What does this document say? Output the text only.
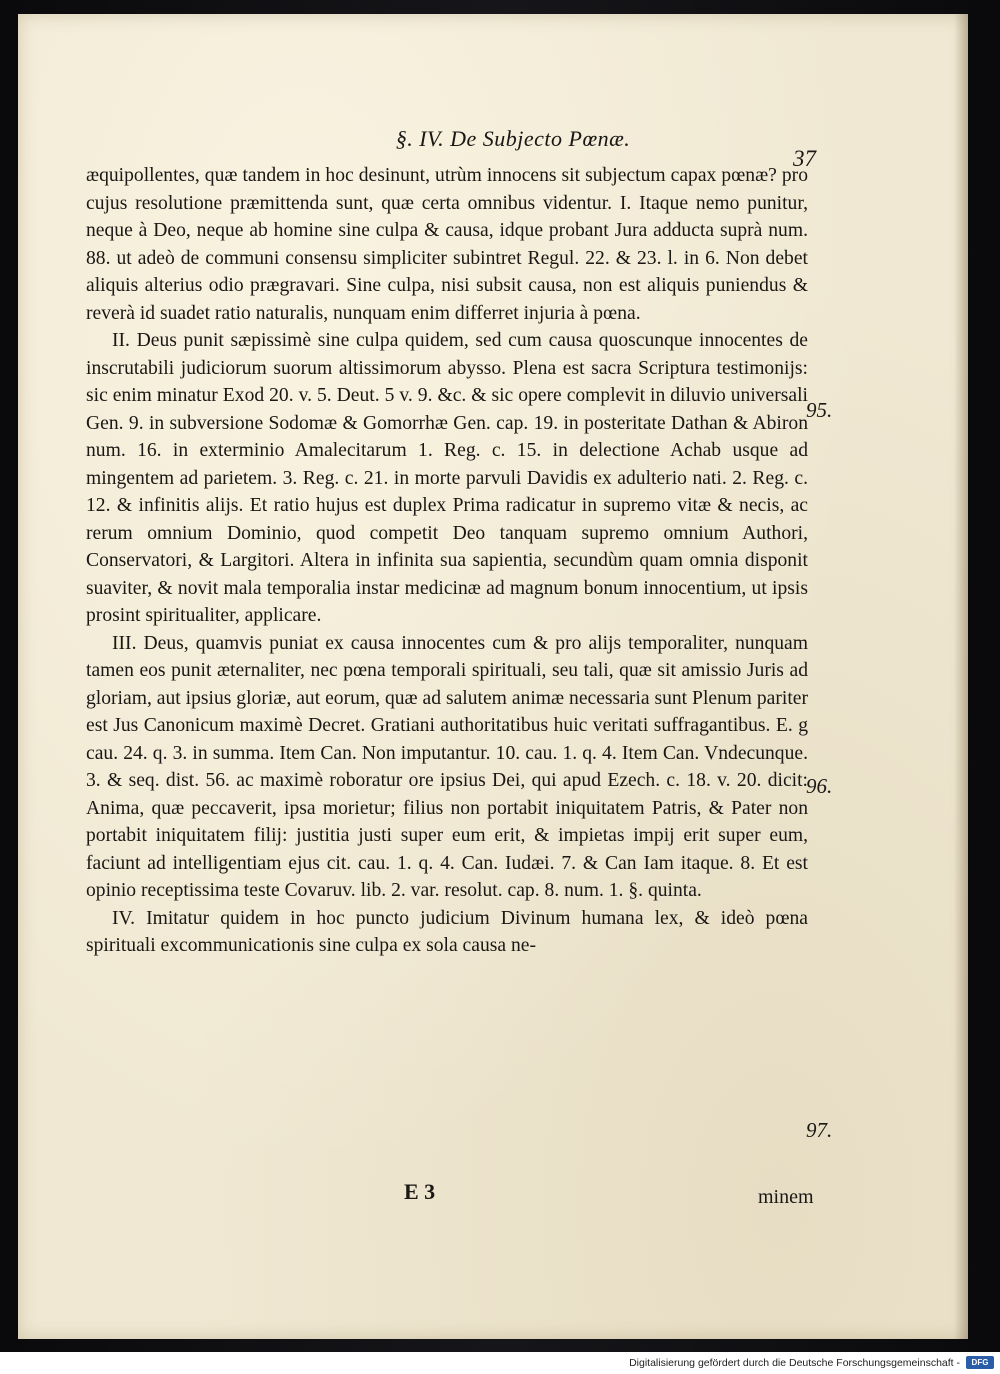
§. IV. De Subjecto Pœnæ.
37

æquipollentes, quæ tandem in hoc desinunt, utrùm innocens sit subjectum capax pœnæ? pro cujus resolutione præmittenda sunt, quæ certa omnibus videntur. I. Itaque nemo punitur, neque à Deo, neque ab homine sine culpa & causa, idque probant Jura adducta suprà num. 88. ut adeò de communi consensu simpliciter subintret Regul. 22. & 23. l. in 6. Non debet aliquis alterius odio prægravari. Sine culpa, nisi subsit causa, non est aliquis puniendus & reverà id suadet ratio naturalis, nunquam enim differret injuria à pœna.

II. Deus punit sæpissimè sine culpa quidem, sed cum causa quoscunque innocentes de inscrutabili judiciorum suorum altissimorum abysso. Plena est sacra Scriptura testimonijs: sic enim minatur Exod 20. v. 5. Deut. 5 v. 9. &c. & sic opere complevit in diluvio universali Gen. 9. in subversione Sodomæ & Gomorrhæ Gen. cap. 19. in posteritate Dathan & Abiron num. 16. in exterminio Amalecitarum 1. Reg. c. 15. in delectione Achab usque ad mingentem ad parietem. 3. Reg. c. 21. in morte parvuli Davidis ex adulterio nati. 2. Reg. c. 12. & infinitis alijs. Et ratio hujus est duplex Prima radicatur in supremo vitæ & necis, ac rerum omnium Dominio, quod competit Deo tanquam supremo omnium Authori, Conservatori, & Largitori. Altera in infinita sua sapientia, secundùm quam omnia disponit suaviter, & novit mala temporalia instar medicinæ ad magnum bonum innocentium, ut ipsis prosint spiritualiter, applicare.

III. Deus, quamvis puniat ex causa innocentes cum & pro alijs temporaliter, nunquam tamen eos punit æternaliter, nec pœna temporali spirituali, seu tali, quæ sit amissio Juris ad gloriam, aut ipsius gloriæ, aut eorum, quæ ad salutem animæ necessaria sunt Plenum pariter est Jus Canonicum maximè Decret. Gratiani authoritatibus huic veritati suffragantibus. E. g cau. 24. q. 3. in summa. Item Can. Non imputantur. 10. cau. 1. q. 4. Item Can. Vndecunque. 3. & seq. dist. 56. ac maximè roboratur ore ipsius Dei, qui apud Ezech. c. 18. v. 20. dicit: Anima, quæ peccaverit, ipsa morietur; filius non portabit iniquitatem Patris, & Pater non portabit iniquitatem filij: justitia justi super eum erit, & impietas impij erit super eum, faciunt ad intelligentiam ejus cit. cau. 1. q. 4. Can. Iudæi. 7. & Can Iam itaque. 8. Et est opinio receptissima teste Covaruv. lib. 2. var. resolut. cap. 8. num. 1. §. quinta.

IV. Imitatur quidem in hoc puncto judicium Divinum humana lex, & ideò pœna spirituali excommunicationis sine culpa ex sola causa ne-

95.
96.
97.
E 3	minem
Digitalisierung gefördert durch die Deutsche Forschungsgemeinschaft -	DFG
